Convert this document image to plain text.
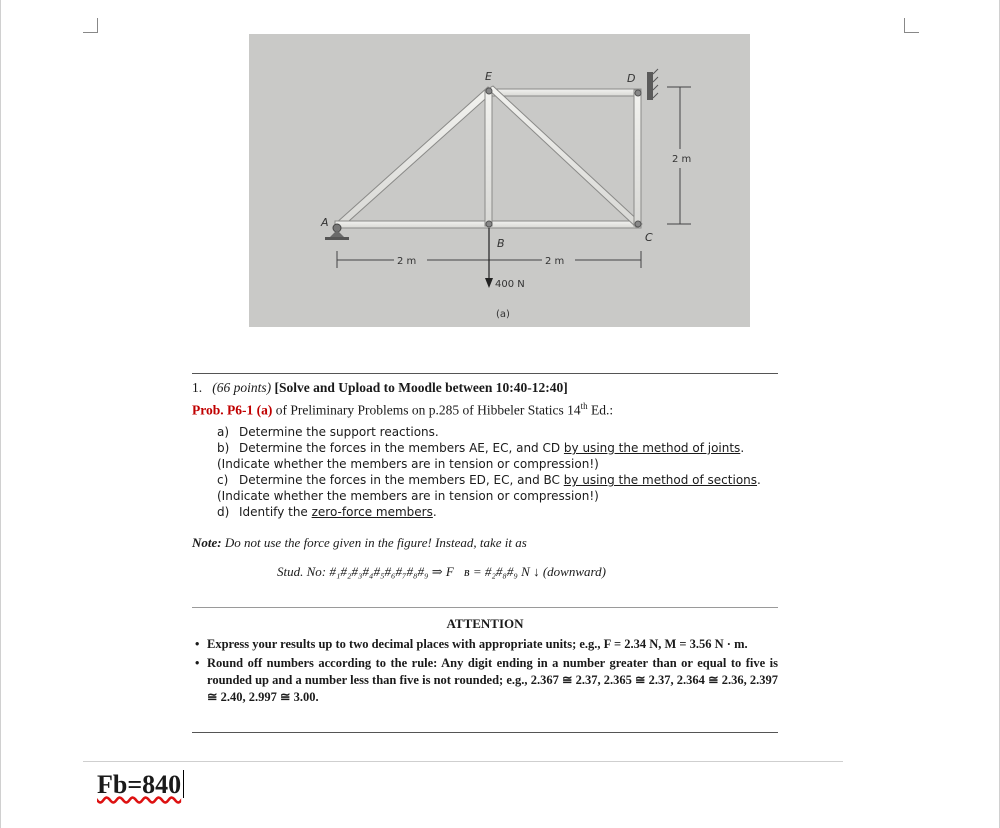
A
E	D
B	C
2 m	2 m
2 m
400 N
(a)
1. (66 points) [Solve and Upload to Moodle between 10:40-12:40]
Prob. P6-1 (a) of Preliminary Problems on p.285 of Hibbeler Statics 14th Ed.:
a) Determine the support reactions.
b) Determine the forces in the members AE, EC, and CD by using the method of joints.
(Indicate whether the members are in tension or compression!)
c) Determine the forces in the members ED, EC, and BC by using the method of sections.
(Indicate whether the members are in tension or compression!)
d) Identify the zero-force members.
Note: Do not use the force given in the figure! Instead, take it as
Stud. No: #₁#₂#₃#₄#₅#₆#₇#₈#₉ ⇒ F⃗ʙ = #₂#₈#₉ N ↓ (downward)
ATTENTION
• Express your results up to two decimal places with appropriate units; e.g., F = 2.34 N, M = 3.56 N · m.
• Round off numbers according to the rule: Any digit ending in a number greater than or equal to five is rounded up and a number less than five is not rounded; e.g., 2.367 ≅ 2.37, 2.365 ≅ 2.37, 2.364 ≅ 2.36, 2.397 ≅ 2.40, 2.997 ≅ 3.00.
Fb=840
